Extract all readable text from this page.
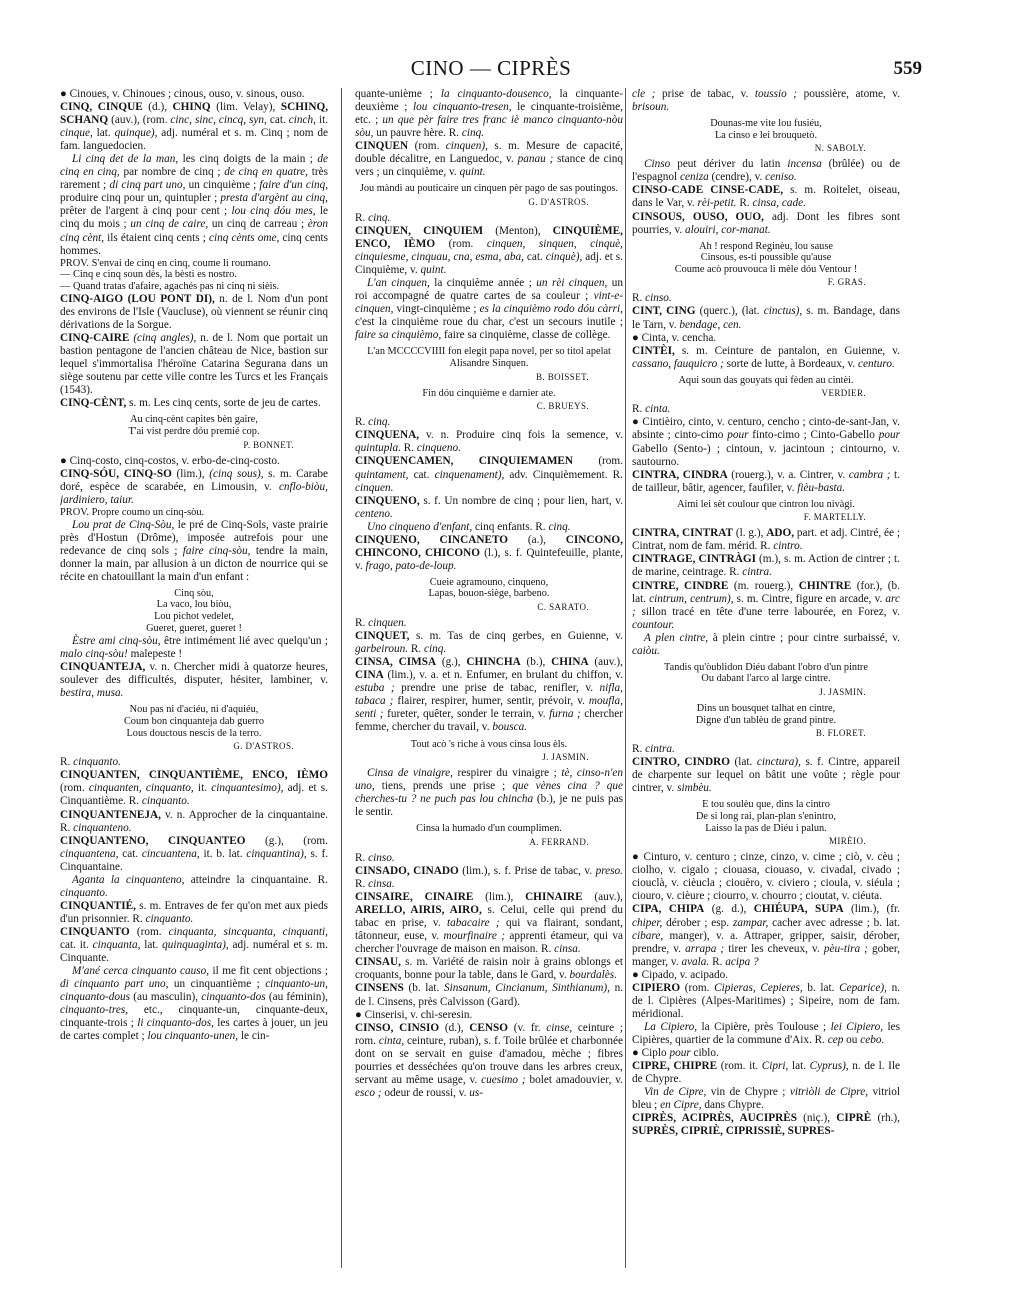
CINO — CIPRÈS	559

● Cinoues, v. Chinoues ; cinous, ouso, v. sinous, ouso.

CINQ, CINQUE (d.), CHINQ (lim. Velay), SCHINQ, SCHANQ (auv.), (rom. cinc, sinc, cincq, syn, cat. cinch, it. cinque, lat. quinque), adj. numéral et s. m. Cinq ; nom de fam. languedocien.

Li cinq det de la man, les cinq doigts de la main ; de cinq en cinq, par nombre de cinq ; de cinq en quatre, très rarement ; di cinq part uno, un cinquième ; faire d'un cinq, produire cinq pour un, quintupler ; presta d'argènt au cinq, prêter de l'argent à cinq pour cent ; lou cinq dóu mes, le cinq du mois ; un cinq de caire, un cinq de carreau ; èron cinq cènt, ils étaient cinq cents ; cinq cènts ome, cinq cents hommes.

PROV. S'envai de cinq en cinq, coume li roumano.

— Cinq e cinq soun dès, la bèsti es nostro.

— Quand tratas d'afaire, agachés pas ni cinq ni sièis.

CINQ-AIGO (LOU PONT DI), n. de l. Nom d'un pont des environs de l'Isle (Vaucluse), où viennent se réunir cinq dérivations de la Sorgue.

CINQ-CAIRE (cinq angles), n. de l. Nom que portait un bastion pentagone de l'ancien château de Nice, bastion sur lequel s'immortalisa l'héroïne Catarina Segurana dans un siège soutenu par cette ville contre les Turcs et les Français (1543).

CINQ-CÈNT, s. m. Les cinq cents, sorte de jeu de cartes.

Au cinq-cènt capites bèn gaire,
T'ai vist perdre dóu premié cop.

P. BONNET.

● Cinq-costo, cinq-costos, v. erbo-de-cinq-costo.

CINQ-SÓU, CINQ-SO (lim.), (cinq sous), s. m. Carabe doré, espèce de scarabée, en Limousin, v. cnflo-biòu, jardiniero, taiur.

PROV. Propre coumo un cinq-sòu.

Lou prat de Cinq-Sòu, le pré de Cinq-Sols, vaste prairie près d'Hostun (Drôme), imposée autrefois pour une redevance de cinq sols ; faire cinq-sòu, tendre la main, donner la main, par allusion à un dicton de nourrice qui se récite en chatouillant la main d'un enfant :

Cinq sòu,
La vaco, lou biòu,
Lou pichot vedelet,
Gueret, gueret, gueret !

Èstre ami cinq-sòu, être intimément lié avec quelqu'un ; malo cinq-sòu! malepeste !

CINQUANTEJA, v. n. Chercher midi à quatorze heures, soulever des difficultés, disputer, hésiter, lambiner, v. bestira, musa.

Nou pas ni d'aciéu, ni d'aquiéu,
Coum bon cinquanteja dab guerro
Lous douctous nescis de la terro.

G. D'ASTROS.

R. cinquanto.

CINQUANTEN, CINQUANTIÈME, ENCO, IÈMO (rom. cinquanten, cinquanto, it. cinquantesimo), adj. et s. Cinquantième. R. cinquanto.

CINQUANTENEJA, v. n. Approcher de la cinquantaine. R. cinquanteno.

CINQUANTENO, CINQUANTEO (g.), (rom. cinquantena, cat. cincuantena, it. b. lat. cinquantina), s. f. Cinquantaine.

Aganta la cinquanteno, atteindre la cinquantaine. R. cinquanto.

CINQUANTIÉ, s. m. Entraves de fer qu'on met aux pieds d'un prisonnier. R. cinquanto.

CINQUANTO (rom. cinquanta, sincquanta, cinquanti, cat. it. cinquanta, lat. quinquaginta), adj. numéral et s. m. Cinquante.

M'ané cerca cinquanto causo, il me fit cent objections ; di cinquanto part uno, un cinquantième ; cinquanto-un, cinquanto-dous (au masculin), cinquanto-dos (au féminin), cinquanto-tres, etc., cinquante-un, cinquante-deux, cinquante-trois ; li cinquanto-dos, les cartes à jouer, un jeu de cartes complet ; lou cinquanto-unen, le cin-

quante-unième ; la cinquanto-dousenco, la cinquante-deuxième ; lou cinquanto-tresen, le cinquante-troisième, etc. ; un que pèr faire tres franc iè manco cinquanto-nòu sòu, un pauvre hère. R. cinq.

CINQUEN (rom. cinquen), s. m. Mesure de capacité, double décalitre, en Languedoc, v. panau ; stance de cinq vers ; un cinquième, v. quint.

Jou màndi au pouticaire un cinquen pèr pago de sas poutingos.

G. D'ASTROS.

R. cinq.

CINQUEN, CINQUIEM (Menton), CINQUIÈME, ENCO, IÈMO (rom. cinquen, sinquen, cinquè, cinquiesme, cinquau, cna, esma, aba, cat. cinquè), adj. et s. Cinquième, v. quint.

L'an cinquen, la cinquième année ; un rèi cinquen, un roi accompagné de quatre cartes de sa couleur ; vint-e-cinquen, vingt-cinquième ; es la cinquièmo rodo dóu càrri, c'est la cinquième roue du char, c'est un secours inutile ; faire sa cinquièmo, faire sa cinquième, classe de collège.

L'an MCCCCVIIII fon elegit papa novel, per so titol apelat Alisandre Sinquen.

B. BOISSET.

Fin dóu cinquième e darnier ate.

C. BRUEYS.

R. cinq.

CINQUENA, v. n. Produire cinq fois la semence, v. quintupla. R. cinqueno.

CINQUENCAMEN, CINQUIEMAMEN (rom. quintament, cat. cinquenament), adv. Cinquièmement. R. cinquen.

CINQUENO, s. f. Un nombre de cinq ; pour lien, hart, v. centeno.

Uno cinqueno d'enfant, cinq enfants. R. cinq.

CINQUENO, CINCANETO (a.), CINCONO, CHINCONO, CHICONO (l.), s. f. Quintefeuille, plante, v. frago, pato-de-loup.

Cueie agramouno, cinqueno,
Lapas, bouon-siège, barbeno.

C. SARATO.

R. cinquen.

CINQUET, s. m. Tas de cinq gerbes, en Guienne, v. garbeiroun. R. cinq.

CINSA, CIMSA (g.), CHINCHA (b.), CHINA (auv.), CINA (lim.), v. a. et n. Enfumer, en brulant du chiffon, v. estuba ; prendre une prise de tabac, renifler, v. nifla, tabaca ; flairer, respirer, humer, sentir, prévoir, v. moufla, senti ; fureter, quêter, sonder le terrain, v. furna ; chercher femme, chercher du travail, v. bousca.

Tout acò 's riche à vous cinsa lous èls.

J. JASMIN.

Cinsa de vinaigre, respirer du vinaigre ; tè, cinso-n'en uno, tiens, prends une prise ; que vènes cina ? que cherches-tu ? ne puch pas lou chincha (b.), je ne puis pas le sentir.

Cinsa la humado d'un coumplimen.

A. FERRAND.

R. cinso.

CINSADO, CINADO (lim.), s. f. Prise de tabac, v. preso. R. cinsa.

CINSAIRE, CINAIRE (lim.), CHINAIRE (auv.), ARELLO, AIRIS, AIRO, s. Celui, celle qui prend du tabac en prise, v. tabacaire ; qui va flairant, sondant, tâtonneur, euse, v. mourfinaire ; apprenti étameur, qui va chercher l'ouvrage de maison en maison. R. cinsa.

CINSAU, s. m. Variété de raisin noir à grains oblongs et croquants, bonne pour la table, dans le Gard, v. bourdalès.

CINSENS (b. lat. Sinsanum, Cincianum, Sinthianum), n. de l. Cinsens, près Calvisson (Gard).

● Cinserisi, v. chi-seresin.

CINSO, CINSIO (d.), CENSO (v. fr. cinse, ceinture ; rom. cinta, ceinture, ruban), s. f. Toile brûlée et charbonnée dont on se servait en guise d'amadou, mèche ; fibres pourries et desséchées qu'on trouve dans les arbres creux, servant au même usage, v. cuesimo ; bolet amadouvier, v. esco ; odeur de roussi, v. us-

cle ; prise de tabac, v. toussio ; poussière, atome, v. brisoun.

Dounas-me vite lou fusiéu,
La cinso e lei brouquetò.

N. SABOLY.

Cinso peut dériver du latin incensa (brûlée) ou de l'espagnol ceniza (cendre), v. ceniso.

CINSO-CADE CINSE-CADE, s. m. Roitelet, oiseau, dans le Var, v. rèi-petit. R. cinsa, cade.

CINSOUS, OUSO, OUO, adj. Dont les fibres sont pourries, v. alouiri, cor-manat.

Ah ! respond Reginèu, lou sause
Cinsous, es-ti poussible qu'ause
Coume acò prouvouca li mèle dóu Ventour !

F. GRAS.

R. cinso.

CINT, CING (querc.), (lat. cinctus), s. m. Bandage, dans le Tarn, v. bendage, cen.

● Cinta, v. cencha.

CINTÈI, s. m. Ceinture de pantalon, en Guienne, v. cassano, fauquicro ; sorte de lutte, à Bordeaux, v. centuro.

Aqui soun das gouyats qui fèden au cintèi.

VERDIER.

R. cinta.

● Cintièiro, cinto, v. centuro, cencho ; cinto-de-sant-Jan, v. absinte ; cinto-cimo pour finto-cimo ; Cinto-Gabello pour Gabello (Sento-) ; cintoun, v. jacintoun ; cintourno, v. sautourno.

CINTRA, CINDRA (rouerg.), v. a. Cintrer, v. cambra ; t. de tailleur, bâtir, agencer, faufiler, v. fièu-basta.

Aimi lei sèt coulour que cintron lou nivàgi.

F. MARTELLY.

CINTRA, CINTRAT (l. g.), ADO, part. et adj. Cintré, ée ; Cintrat, nom de fam. mérid. R. cintro.

CINTRAGE, CINTRÀGI (m.), s. m. Action de cintrer ; t. de marine, ceintrage. R. cintra.

CINTRE, CINDRE (m. rouerg.), CHINTRE (for.), (b. lat. cintrum, centrum), s. m. Cintre, figure en arcade, v. arc ; sillon tracé en tête d'une terre labourée, en Forez, v. countour.

A plen cintre, à plein cintre ; pour cintre surbaissé, v. caiòu.

Tandis qu'òublidon Diéu dabant l'obro d'un pintre
Ou dabant l'arco al large cintre.

J. JASMIN.

Dins un bousquet talhat en cintre,
Digne d'un tablèu de grand pintre.

B. FLORET.

R. cintra.

CINTRO, CINDRO (lat. cinctura), s. f. Cintre, appareil de charpente sur lequel on bâtit une voûte ; règle pour cintrer, v. simbèu.

E tou soulèu que, dins la cintro
De si long rai, plan-plan s'enintro,
Laisso la pas de Diéu i palun.

MIRÈIO.

● Cinturo, v. centuro ; cinze, cinzo, v. cime ; ciò, v. cèu ; ciolho, v. cigalo ; ciouasa, ciouaso, v. civadal, civado ; ciouclà, v. cièucla ; ciouèro, v. civiero ; cioula, v. siéula ; ciouro, v. cièure ; ciourro, v. chourro ; cioutat, v. ciéuta.

CIPA, CHIPA (g. d.), CHIÉUPA, SUPA (lim.), (fr. chiper, dérober ; esp. zampar, cacher avec adresse ; b. lat. cibare, manger), v. a. Attraper, gripper, saisir, dérober, prendre, v. arrapa ; tirer les cheveux, v. pèu-tira ; gober, manger, v. avala. R. acipa ?

● Cipado, v. acipado.

CIPIERO (rom. Cipieras, Cepieres, b. lat. Ceparice), n. de l. Cipières (Alpes-Maritimes) ; Sipeire, nom de fam. méridional.

La Cipiero, la Cipière, près Toulouse ; lei Cipiero, les Cipières, quartier de la commune d'Aix. R. cep ou cebo.

● Ciplo pour ciblo.

CIPRE, CHIPRE (rom. it. Cipri, lat. Cyprus), n. de l. Ile de Chypre.

Vin de Cipre, vin de Chypre ; vitriòli de Cipre, vitriol bleu ; en Cipre, dans Chypre.

CIPRÈS, ACIPRÈS, AUCIPRÈS (niç.), CIPRÈ (rh.), SUPRÈS, CIPRIÈ, CIPRISSIÈ, SUPRES-
